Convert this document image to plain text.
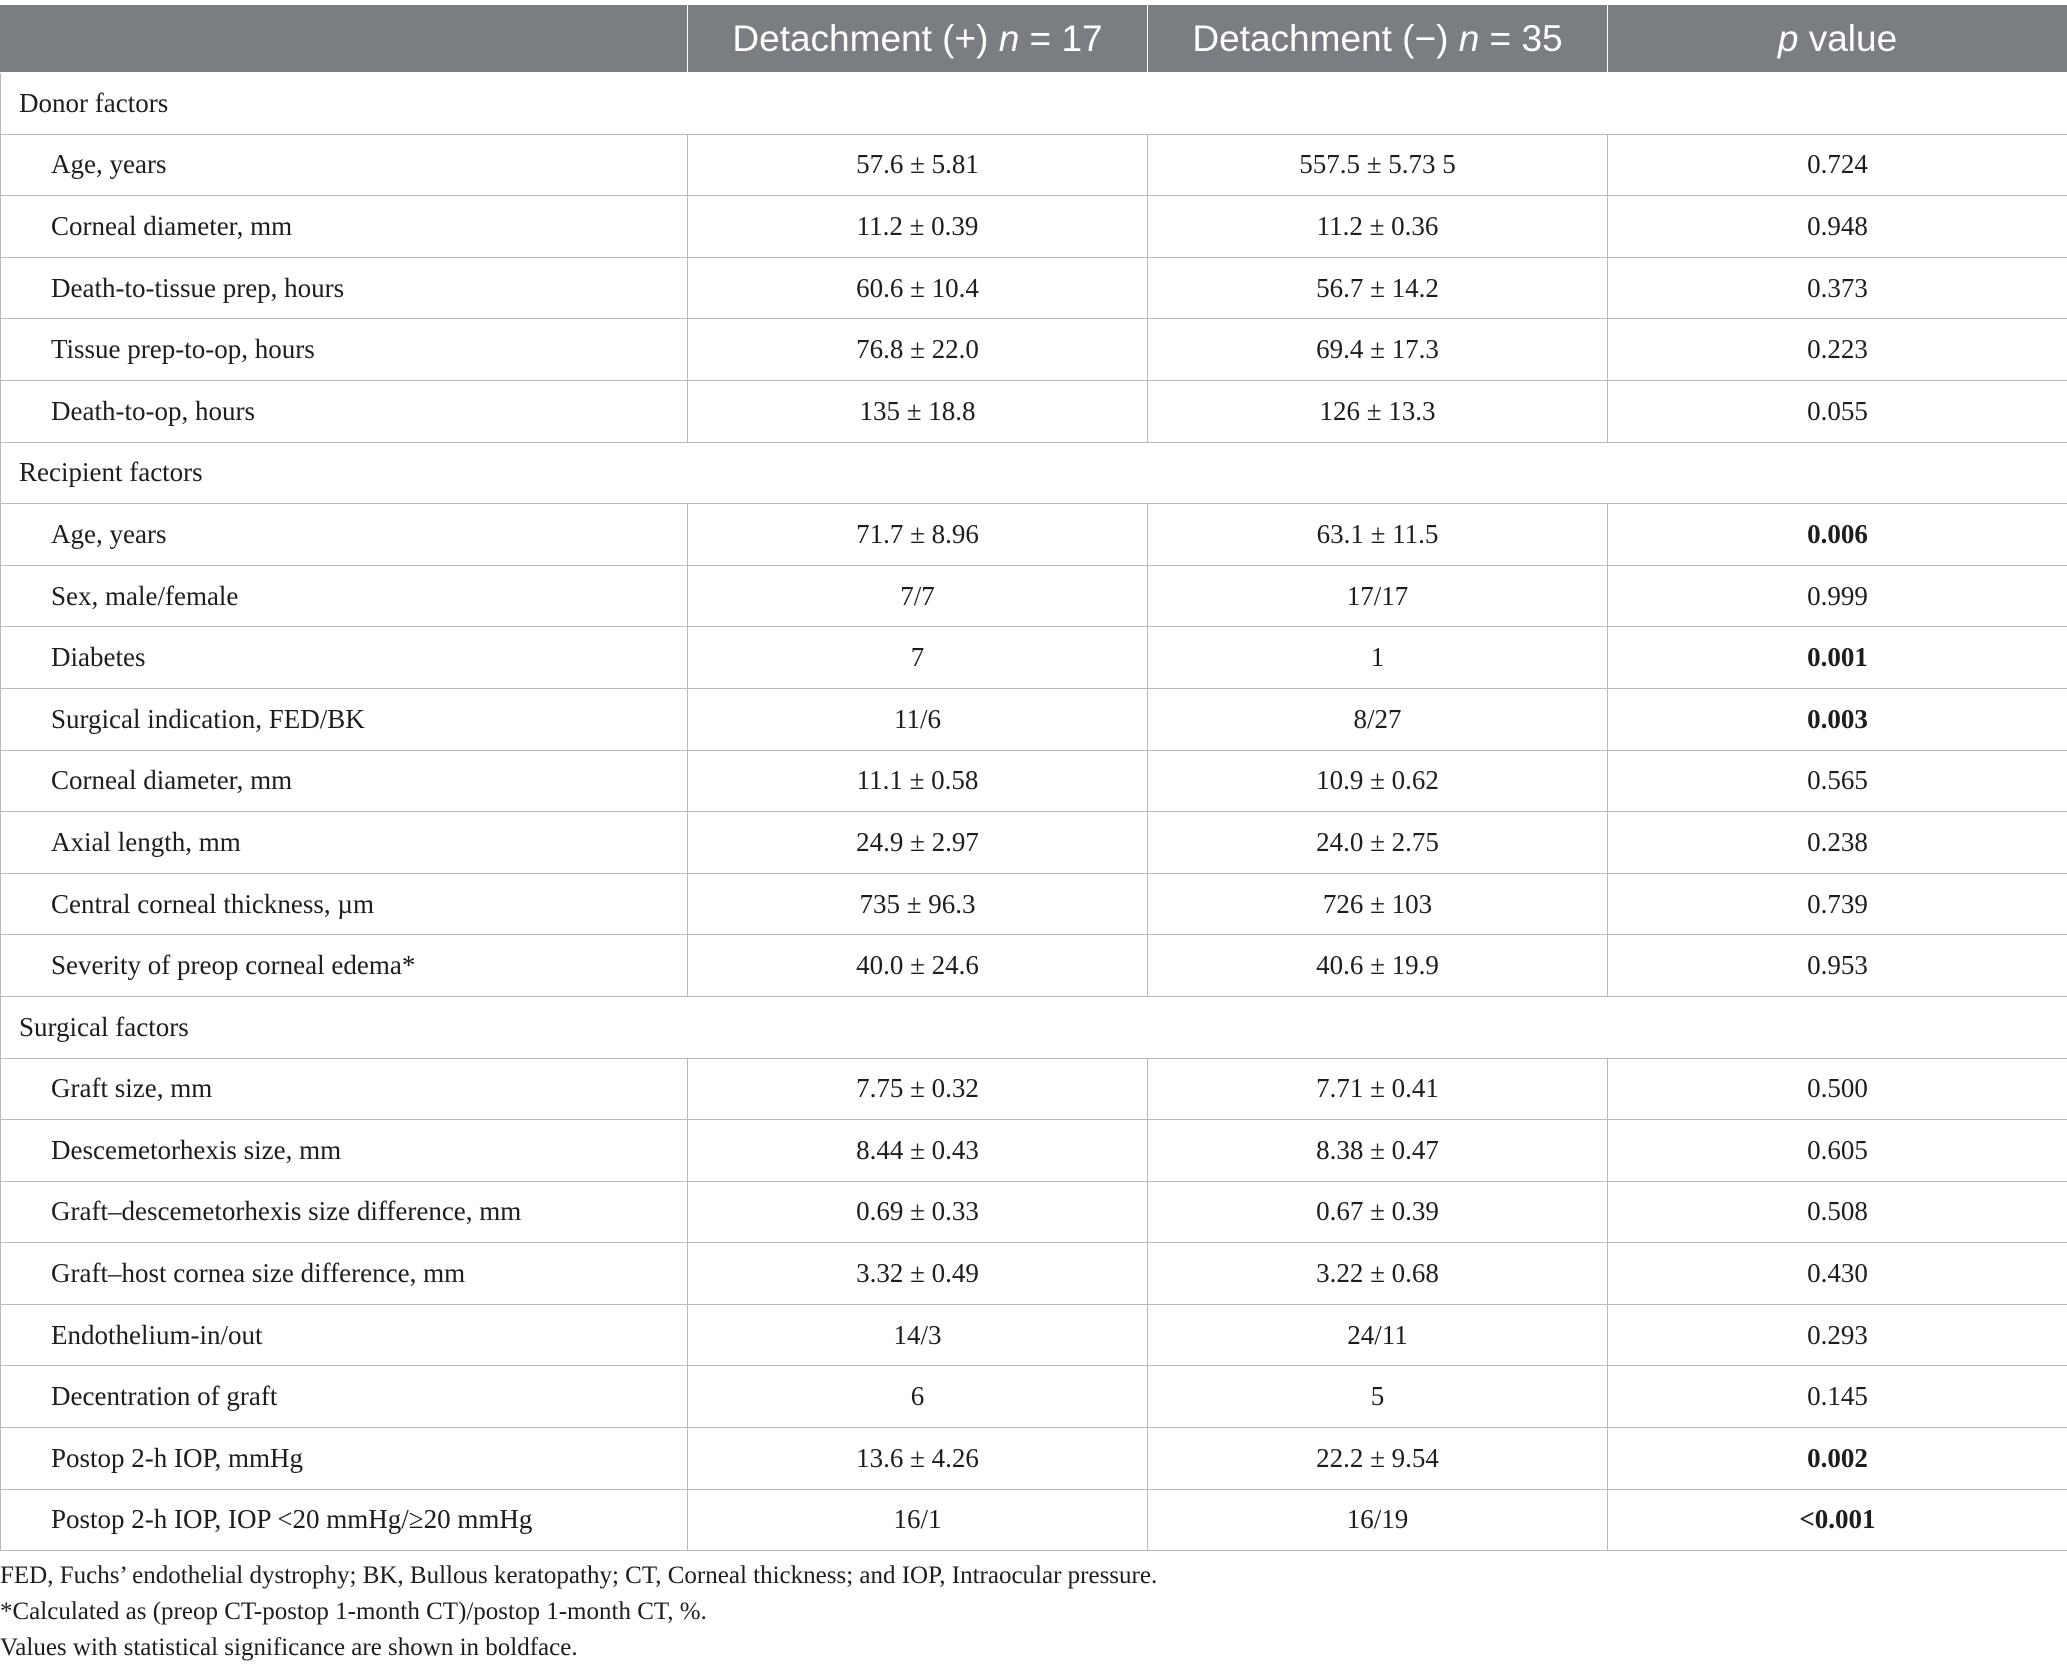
	Detachment (+) n = 17	Detachment (−) n = 35	p value
Donor factors			
Age, years	57.6 ± 5.81	557.5 ± 5.73 5	0.724
Corneal diameter, mm	11.2 ± 0.39	11.2 ± 0.36	0.948
Death-to-tissue prep, hours	60.6 ± 10.4	56.7 ± 14.2	0.373
Tissue prep-to-op, hours	76.8 ± 22.0	69.4 ± 17.3	0.223
Death-to-op, hours	135 ± 18.8	126 ± 13.3	0.055
Recipient factors			
Age, years	71.7 ± 8.96	63.1 ± 11.5	0.006
Sex, male/female	7/7	17/17	0.999
Diabetes	7	1	0.001
Surgical indication, FED/BK	11/6	8/27	0.003
Corneal diameter, mm	11.1 ± 0.58	10.9 ± 0.62	0.565
Axial length, mm	24.9 ± 2.97	24.0 ± 2.75	0.238
Central corneal thickness, µm	735 ± 96.3	726 ± 103	0.739
Severity of preop corneal edema*	40.0 ± 24.6	40.6 ± 19.9	0.953
Surgical factors			
Graft size, mm	7.75 ± 0.32	7.71 ± 0.41	0.500
Descemetorhexis size, mm	8.44 ± 0.43	8.38 ± 0.47	0.605
Graft–descemetorhexis size difference, mm	0.69 ± 0.33	0.67 ± 0.39	0.508
Graft–host cornea size difference, mm	3.32 ± 0.49	3.22 ± 0.68	0.430
Endothelium-in/out	14/3	24/11	0.293
Decentration of graft	6	5	0.145
Postop 2-h IOP, mmHg	13.6 ± 4.26	22.2 ± 9.54	0.002
Postop 2-h IOP, IOP <20 mmHg/≥20 mmHg	16/1	16/19	<0.001
FED, Fuchs’ endothelial dystrophy; BK, Bullous keratopathy; CT, Corneal thickness; and IOP, Intraocular pressure.
*Calculated as (preop CT-postop 1-month CT)/postop 1-month CT, %.
Values with statistical significance are shown in boldface.
